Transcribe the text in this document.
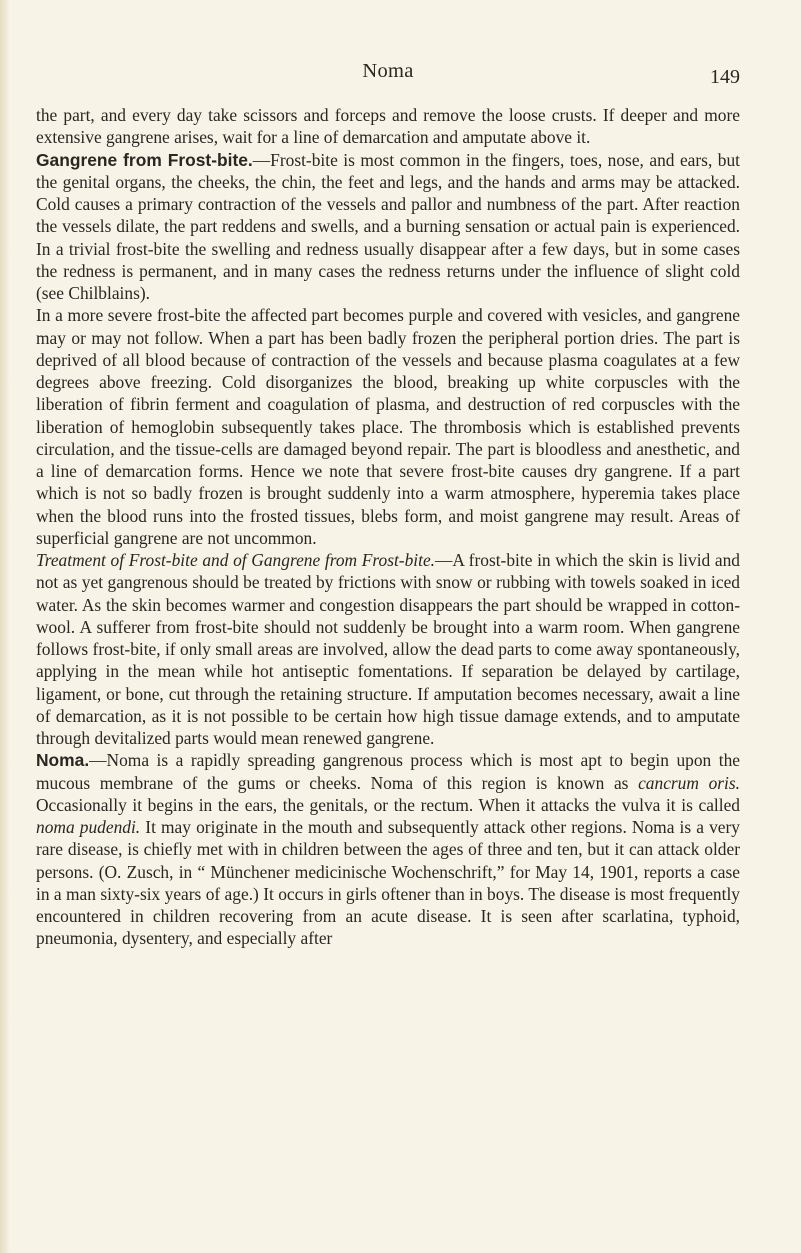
Noma	149

the part, and every day take scissors and forceps and remove the loose crusts. If deeper and more extensive gangrene arises, wait for a line of demarcation and amputate above it.

Gangrene from Frost-bite.—Frost-bite is most common in the fingers, toes, nose, and ears, but the genital organs, the cheeks, the chin, the feet and legs, and the hands and arms may be attacked. Cold causes a primary contraction of the vessels and pallor and numbness of the part. After reaction the vessels dilate, the part reddens and swells, and a burning sensation or actual pain is experienced. In a trivial frost-bite the swelling and redness usually disappear after a few days, but in some cases the redness is permanent, and in many cases the redness returns under the influence of slight cold (see Chilblains).

In a more severe frost-bite the affected part becomes purple and covered with vesicles, and gangrene may or may not follow. When a part has been badly frozen the peripheral portion dries. The part is deprived of all blood because of contraction of the vessels and because plasma coagulates at a few degrees above freezing. Cold disorganizes the blood, breaking up white corpuscles with the liberation of fibrin ferment and coagulation of plasma, and destruction of red corpuscles with the liberation of hemoglobin subsequently takes place. The thrombosis which is established prevents circulation, and the tissue-cells are damaged beyond repair. The part is bloodless and anesthetic, and a line of demarcation forms. Hence we note that severe frost-bite causes dry gangrene. If a part which is not so badly frozen is brought suddenly into a warm atmosphere, hyperemia takes place when the blood runs into the frosted tissues, blebs form, and moist gangrene may result. Areas of superficial gangrene are not uncommon.

Treatment of Frost-bite and of Gangrene from Frost-bite.—A frost-bite in which the skin is livid and not as yet gangrenous should be treated by frictions with snow or rubbing with towels soaked in iced water. As the skin becomes warmer and congestion disappears the part should be wrapped in cotton-wool. A sufferer from frost-bite should not suddenly be brought into a warm room. When gangrene follows frost-bite, if only small areas are involved, allow the dead parts to come away spontaneously, applying in the mean while hot antiseptic fomentations. If separation be delayed by cartilage, ligament, or bone, cut through the retaining structure. If amputation becomes necessary, await a line of demarcation, as it is not possible to be certain how high tissue damage extends, and to amputate through devitalized parts would mean renewed gangrene.

Noma.—Noma is a rapidly spreading gangrenous process which is most apt to begin upon the mucous membrane of the gums or cheeks. Noma of this region is known as cancrum oris. Occasionally it begins in the ears, the genitals, or the rectum. When it attacks the vulva it is called noma pudendi. It may originate in the mouth and subsequently attack other regions. Noma is a very rare disease, is chiefly met with in children between the ages of three and ten, but it can attack older persons. (O. Zusch, in “ Münchener medicinische Wochenschrift,” for May 14, 1901, reports a case in a man sixty-six years of age.) It occurs in girls oftener than in boys. The disease is most frequently encountered in children recovering from an acute disease. It is seen after scarlatina, typhoid, pneumonia, dysentery, and especially after
